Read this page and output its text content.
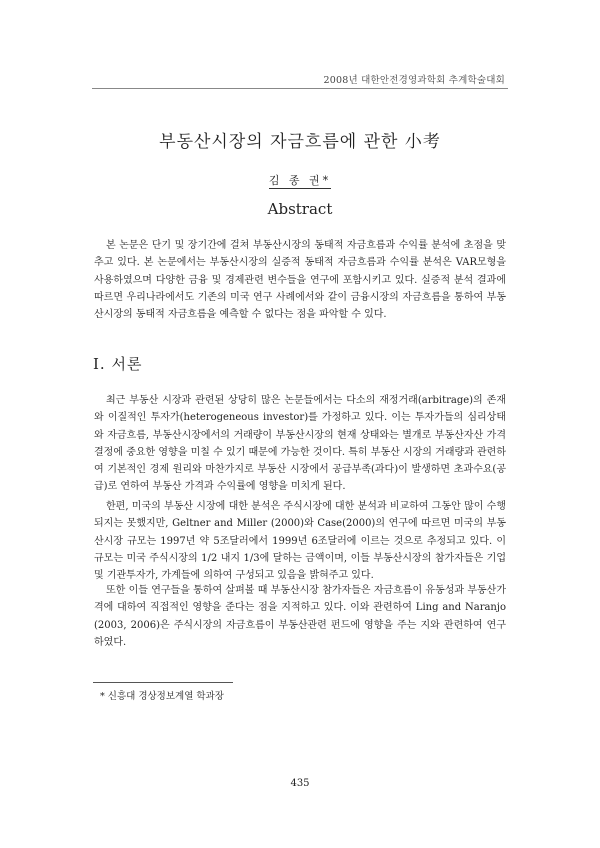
2008년 대한안전경영과학회 추계학술대회
부동산시장의 자금흐름에 관한 小考
김 종 권*
Abstract

본 논문은 단기 및 장기간에 걸쳐 부동산시장의 동태적 자금흐름과 수익률 분석에 초점을 맞추고 있다. 본 논문에서는 부동산시장의 실증적 동태적 자금흐름과 수익률 분석은 VAR모형을 사용하였으며 다양한 금융 및 경제관련 변수들을 연구에 포함시키고 있다. 실증적 분석 결과에 따르면 우리나라에서도 기존의 미국 연구 사례에서와 같이 금융시장의 자금흐름을 통하여 부동산시장의 동태적 자금흐름을 예측할 수 없다는 점을 파악할 수 있다.

Ⅰ. 서론

최근 부동산 시장과 관련된 상당히 많은 논문들에서는 다소의 재정거래(arbitrage)의 존재와 이질적인 투자가(heterogeneous investor)를 가정하고 있다. 이는 투자가들의 심리상태와 자금흐름, 부동산시장에서의 거래량이 부동산시장의 현재 상태와는 별개로 부동산자산 가격 결정에 중요한 영향을 미칠 수 있기 때문에 가능한 것이다. 특히 부동산 시장의 거래량과 관련하여 기본적인 경제 원리와 마찬가지로 부동산 시장에서 공급부족(과다)이 발생하면 초과수요(공급)로 연하여 부동산 가격과 수익률에 영향을 미치게 된다.

한편, 미국의 부동산 시장에 대한 분석은 주식시장에 대한 분석과 비교하여 그동안 많이 수행되지는 못했지만, Geltner and Miller (2000)와 Case(2000)의 연구에 따르면 미국의 부동산시장 규모는 1997년 약 5조달러에서 1999년 6조달러에 이르는 것으로 추정되고 있다. 이 규모는 미국 주식시장의 1/2 내지 1/3에 달하는 금액이며, 이들 부동산시장의 참가자들은 기업 및 기관투자가, 가계들에 의하여 구성되고 있음을 밝혀주고 있다.

또한 이들 연구들을 통하여 살펴볼 때 부동산시장 참가자들은 자금흐름이 유동성과 부동산가격에 대하여 직접적인 영향을 준다는 점을 지적하고 있다. 이와 관련하여 Ling and Naranjo (2003, 2006)은 주식시장의 자금흐름이 부동산관련 펀드에 영향을 주는 지와 관련하여 연구하였다.

* 신흥대 경상정보계열 학과장
435
